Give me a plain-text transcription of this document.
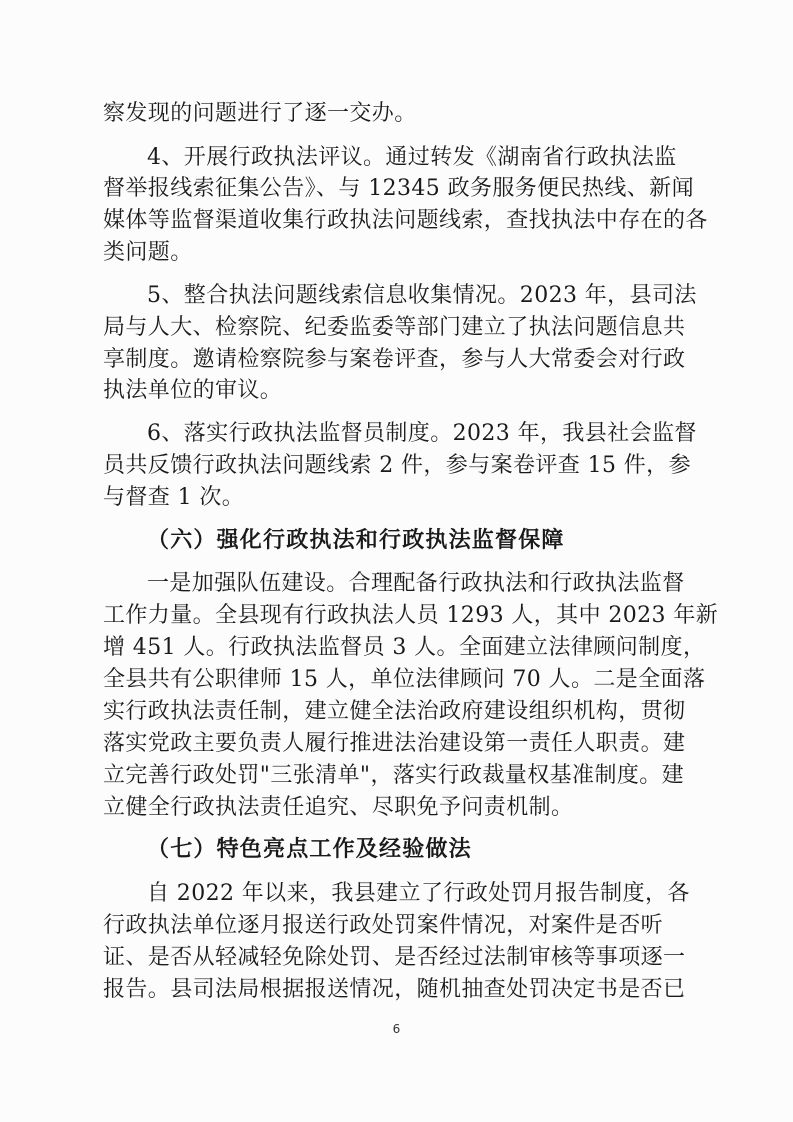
察发现的问题进行了逐一交办。
4、开展行政执法评议。通过转发《湖南省行政执法监
督举报线索征集公告》、与 12345 政务服务便民热线、新闻
媒体等监督渠道收集行政执法问题线索，查找执法中存在的各
类问题。
5、整合执法问题线索信息收集情况。2023 年，县司法
局与人大、检察院、纪委监委等部门建立了执法问题信息共
享制度。邀请检察院参与案卷评查，参与人大常委会对行政
执法单位的审议。
6、落实行政执法监督员制度。2023 年，我县社会监督
员共反馈行政执法问题线索 2 件，参与案卷评查 15 件，参
与督查 1 次。
（六）强化行政执法和行政执法监督保障
一是加强队伍建设。合理配备行政执法和行政执法监督
工作力量。全县现有行政执法人员 1293 人，其中 2023 年新
增 451 人。行政执法监督员 3 人。全面建立法律顾问制度，
全县共有公职律师 15 人，单位法律顾问 70 人。二是全面落
实行政执法责任制，建立健全法治政府建设组织机构，贯彻
落实党政主要负责人履行推进法治建设第一责任人职责。建
立完善行政处罚"三张清单"，落实行政裁量权基准制度。建
立健全行政执法责任追究、尽职免予问责机制。
（七）特色亮点工作及经验做法
自 2022 年以来，我县建立了行政处罚月报告制度，各
行政执法单位逐月报送行政处罚案件情况，对案件是否听
证、是否从轻减轻免除处罚、是否经过法制审核等事项逐一
报告。县司法局根据报送情况，随机抽查处罚决定书是否已
6
